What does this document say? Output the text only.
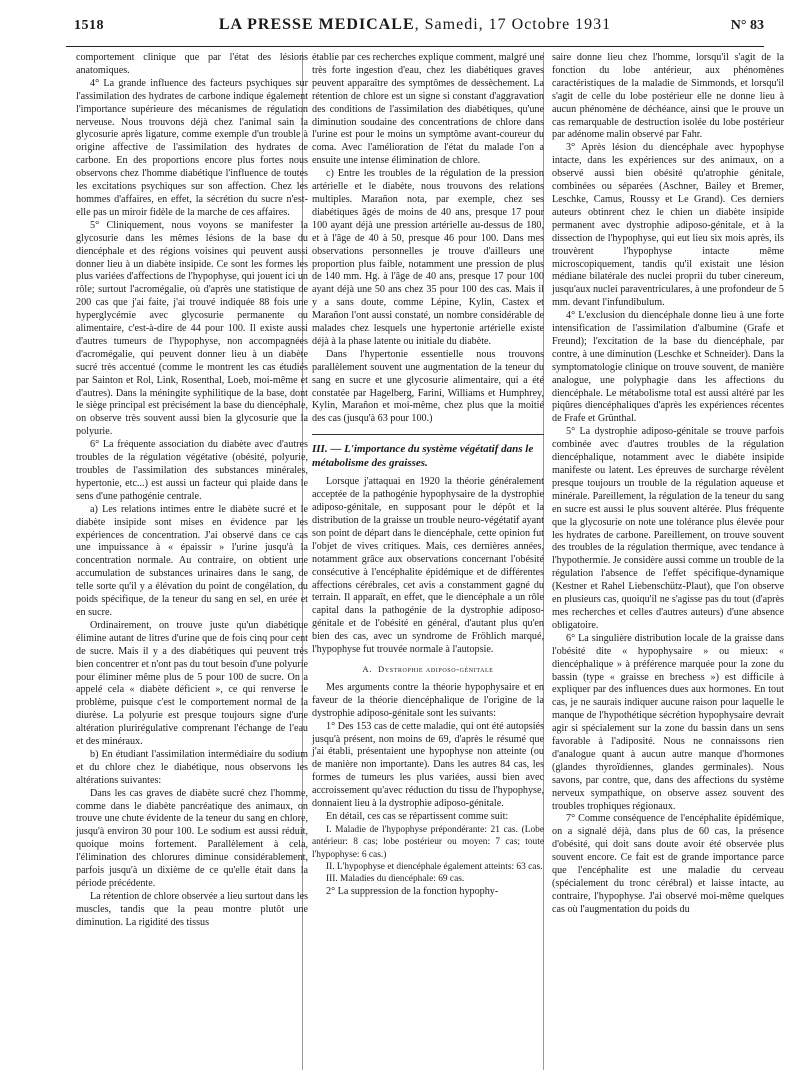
1518	LA PRESSE MEDICALE, Samedi, 17 Octobre 1931	N° 83

comportement clinique que par l'état des lésions anatomiques.

4° La grande influence des facteurs psychiques sur l'assimilation des hydrates de carbone indique également l'importance supérieure des mécanismes de régulation nerveuse. Nous trouvons déjà chez l'animal sain la glycosurie après ligature, comme exemple d'un trouble à origine affective de l'assimilation des hydrates de carbone. En des proportions encore plus fortes nous observons chez l'homme diabétique l'influence de toutes les excitations psychiques sur son affection. Chez les hommes d'affaires, en effet, la sécrétion du sucre n'est-elle pas un miroir fidèle de la marche de ces affaires.

5° Cliniquement, nous voyons se manifester la glycosurie dans les mêmes lésions de la base du diencéphale et des régions voisines qui peuvent aussi donner lieu à un diabète insipide. Ce sont les formes les plus variées d'affections de l'hypophyse, qui jouent ici un rôle; surtout l'acromégalie, où d'après une statistique de 200 cas que j'ai faite, j'ai trouvé indiquée 88 fois une hyperglycémie avec glycosurie permanente ou alimentaire, c'est-à-dire de 44 pour 100. Il existe aussi d'autres tumeurs de l'hypophyse, non accompagnées d'acromégalie, qui peuvent donner lieu à un diabète sucré très accentué (comme le montrent les cas étudiés par Sainton et Rol, Link, Rosenthal, Loeb, moi-même et d'autres). Dans la méningite syphilitique de la base, dont le siège principal est précisément la base du diencéphale, on observe très souvent aussi bien la glycosurie que la polyurie.

6° La fréquente association du diabète avec d'autres troubles de la régulation végétative (obésité, polyurie, troubles de l'assimilation des substances minérales, hypertonie, etc...) est aussi un facteur qui plaide dans le sens d'une pathogénie centrale.

a) Les relations intimes entre le diabète sucré et le diabète insipide sont mises en évidence par les expériences de concentration. J'ai observé dans ce cas une impuissance à « épaissir » l'urine jusqu'à la concentration normale. Au contraire, on obtient une accumulation de substances urinaires dans le sang, de telle sorte qu'il y a élévation du point de congélation, du poids spécifique, de la teneur du sang en sel, en urée et en sucre.

Ordinairement, on trouve juste qu'un diabétique élimine autant de litres d'urine que de fois cinq pour cent de sucre. Mais il y a des diabétiques qui peuvent très bien concentrer et n'ont pas du tout besoin d'une polyurie pour éliminer même plus de 5 pour 100 de sucre. On a appelé cela « diabète déficient », ce qui renverse le problème, puisque c'est le comportement normal de la diurèse. La polyurie est presque toujours signe d'une altération plurirégulative comprenant l'échange de l'eau et des minéraux.

b) En étudiant l'assimilation intermédiaire du sodium et du chlore chez le diabétique, nous observons les altérations suivantes:

Dans les cas graves de diabète sucré chez l'homme, comme dans le diabète pancréatique des animaux, on trouve une chute évidente de la teneur du sang en chlore, jusqu'à environ 30 pour 100. Le sodium est aussi réduit, quoique moins fortement. Parallèlement à cela, l'élimination des chlorures diminue considérablement, parfois jusqu'à un dixième de ce qu'elle était dans la période précédente.

La rétention de chlore observée a lieu surtout dans les muscles, tandis que la peau montre plutôt une diminution. La rigidité des tissus

établie par ces recherches explique comment, malgré une très forte ingestion d'eau, chez les diabétiques graves peuvent apparaître des symptômes de dessèchement. La rétention de chlore est un signe si constant d'aggravation des conditions de l'assimilation des diabétiques, qu'une diminution soudaine des concentrations de chlore dans l'urine est pour le moins un symptôme avant-coureur du coma. Avec l'amélioration de l'état du malade l'on a ensuite une intense élimination de chlore.

c) Entre les troubles de la régulation de la pression artérielle et le diabète, nous trouvons des relations multiples. Marañon nota, par exemple, chez ses diabétiques âgés de moins de 40 ans, presque 17 pour 100 ayant déjà une pression artérielle au-dessus de 180, et à l'âge de 40 à 50, presque 46 pour 100. Dans mes observations personnelles je trouve d'ailleurs une proportion plus faible, notamment une pression de plus de 140 mm. Hg. à l'âge de 40 ans, presque 17 pour 100 ayant déjà une 50 ans chez 35 pour 100 des cas. Mais il y a sans doute, comme Lépine, Kylin, Castex et Marañon l'ont aussi constaté, un nombre considérable de malades chez lesquels une hypertonie artérielle existe déjà à la phase latente ou initiale du diabète.

Dans l'hypertonie essentielle nous trouvons parallèlement souvent une augmentation de la teneur du sang en sucre et une glycosurie alimentaire, qui a été constatée par Hagelberg, Farini, Williams et Humphrey, Kylin, Marañon et moi-même, chez plus que la moitié des cas (jusqu'à 63 pour 100.)

III. — L'importance du système végétatif dans le métabolisme des graisses.

Lorsque j'attaquai en 1920 la théorie généralement acceptée de la pathogénie hypophysaire de la dystrophie adiposo-génitale, en supposant pour le dépôt et la distribution de la graisse un trouble neuro-végétatif ayant son point de départ dans le diencéphale, cette opinion fut l'objet de vives critiques. Mais, ces dernières années, notamment grâce aux observations concernant l'obésité consécutive à l'encéphalite épidémique et de différentes affections cérébrales, cet avis a constamment gagné du terrain. Il apparaît, en effet, que le diencéphale a un rôle capital dans la pathogénie de la dystrophie adiposo-génitale et de l'obésité en général, d'autant plus qu'en bien des cas, avec un syndrome de Fröhlich marqué, l'hypophyse fut trouvée normale à l'autopsie.

A. Dystrophie adiposo-génitale

Mes arguments contre la théorie hypophysaire et en faveur de la théorie diencéphalique de l'origine de la dystrophie adiposo-génitale sont les suivants:

1° Des 153 cas de cette maladie, qui ont été autopsiés jusqu'à présent, non moins de 69, d'après le résumé que j'ai établi, présentaient une hypophyse non atteinte (ou de manière non importante). Dans les autres 84 cas, les formes de tumeurs les plus variées, aussi bien avec accroissement qu'avec réduction du tissu de l'hypophyse, donnaient lieu à la dystrophie adiposo-génitale.

En détail, ces cas se répartissent comme suit:

I. Maladie de l'hypophyse prépondérante: 21 cas. (Lobe antérieur: 8 cas; lobe postérieur ou moyen: 7 cas; toute l'hypophyse: 6 cas.)

II. L'hypophyse et diencéphale également atteints: 63 cas.

III. Maladies du diencéphale: 69 cas.

2° La suppression de la fonction hypophy-

saire donne lieu chez l'homme, lorsqu'il s'agit de la fonction du lobe antérieur, aux phénomènes caractéristiques de la maladie de Simmonds, et lorsqu'il s'agit de celle du lobe postérieur elle ne donne lieu à aucun phénomène de déchéance, ainsi que le prouve un cas remarquable de destruction isolée du lobe postérieur par adénome malin observé par Fahr.

3° Après lésion du diencéphale avec hypophyse intacte, dans les expériences sur des animaux, on a observé aussi bien obésité qu'atrophie génitale, combinées ou séparées (Aschner, Bailey et Bremer, Leschke, Camus, Roussy et Le Grand). Ces derniers auteurs obtinrent chez le chien un diabète insipide permanent avec dystrophie adiposo-génitale, et à la dissection de l'hypophyse, qui eut lieu six mois après, ils trouvèrent l'hypophyse intacte même microscopiquement, tandis qu'il existait une lésion médiane bilatérale des nuclei proprii du tuber cinereum, jusqu'aux nuclei paraventriculares, à une profondeur de 5 mm. devant l'infundibulum.

4° L'exclusion du diencéphale donne lieu à une forte intensification de l'assimilation d'albumine (Grafe et Freund); l'excitation de la base du diencéphale, par contre, à une diminution (Leschke et Schneider). Dans la symptomatologie clinique on trouve souvent, de manière analogue, une polyphagie dans les affections du diencéphale. Le métabolisme total est aussi altéré par les piqûres diencéphaliques d'après les expériences récentes de Frafe et Grünthal.

5° La dystrophie adiposo-génitale se trouve parfois combinée avec d'autres troubles de la régulation diencéphalique, notamment avec le diabète insipide manifeste ou latent. Les épreuves de surcharge révèlent presque toujours un trouble de la régulation aqueuse et minérale. Pareillement, la régulation de la teneur du sang en sucre est aussi le plus souvent altérée. Plus fréquente que la glycosurie on note une tolérance plus élevée pour les hydrates de carbone. Pareillement, on trouve souvent des troubles de la régulation thermique, avec tendance à l'hypothermie. Je considère aussi comme un trouble de la régulation l'absence de l'effet spécifique-dynamique (Kestner et Rahel Liebenschütz-Plaut), que l'on observe en plusieurs cas, quoiqu'il ne s'agisse pas du tout (d'après mes recherches et celles d'autres auteurs) d'une absence obligatoire.

6° La singulière distribution locale de la graisse dans l'obésité dite « hypophysaire » ou mieux: « diencéphalique » à préférence marquée pour la zone du bassin (type « graisse en brechess ») est difficile à expliquer par des influences dues aux hormones. En tout cas, je ne saurais indiquer aucune raison pour laquelle le manque de l'hypothétique sécrétion hypophysaire devrait agir si spécialement sur la zone du bassin dans un sens favorable à l'adiposité. Nous ne connaissons rien d'analogue quant à aucun autre manque d'hormones (glandes thyroïdiennes, glandes germinales). Nous savons, par contre, que, dans des affections du système nerveux sympathique, on observe assez souvent des troubles trophiques régionaux.

7° Comme conséquence de l'encéphalite épidémique, on a signalé déjà, dans plus de 60 cas, la présence d'obésité, qui doit sans doute avoir été observée plus souvent encore. Ce fait est de grande importance parce que l'encéphalite est une maladie du cerveau (spécialement du tronc cérébral) et laisse intacte, au contraire, l'hypophyse. J'ai observé moi-même quelques cas où l'augmentation du poids du
